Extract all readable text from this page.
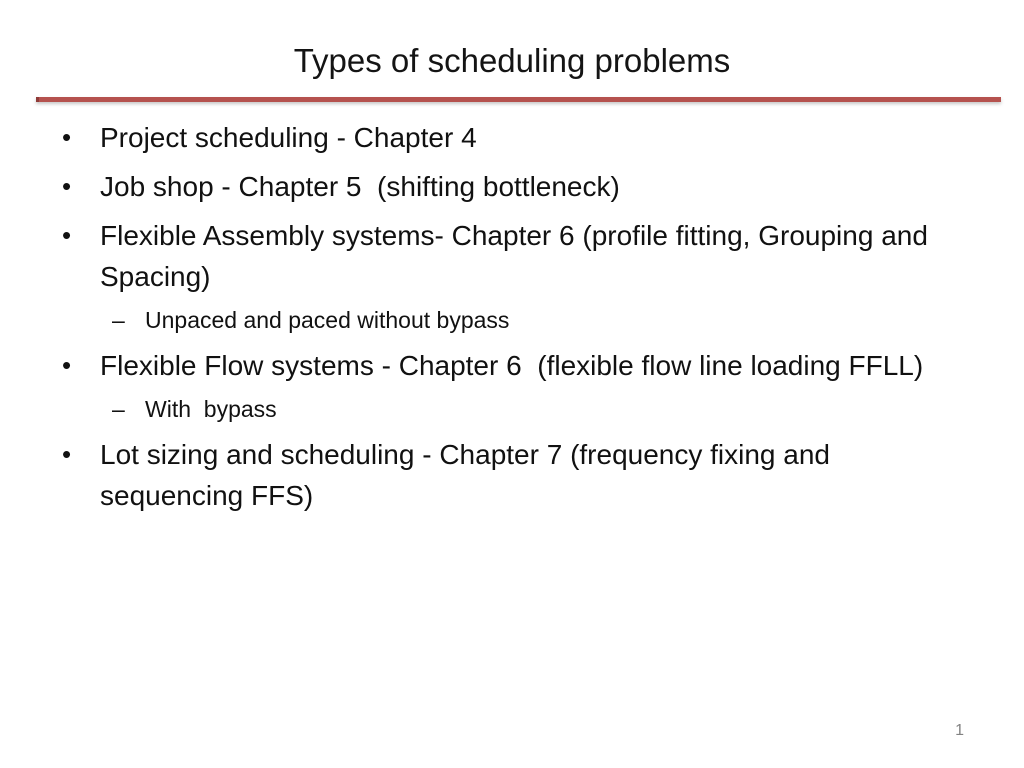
Types of scheduling problems
• Project scheduling - Chapter 4
• Job shop - Chapter 5  (shifting bottleneck)
• Flexible Assembly systems- Chapter 6 (profile fitting, Grouping and Spacing)
– Unpaced and paced without bypass
• Flexible Flow systems - Chapter 6  (flexible flow line loading FFLL)
– With  bypass
• Lot sizing and scheduling - Chapter 7 (frequency fixing and sequencing FFS)
1
